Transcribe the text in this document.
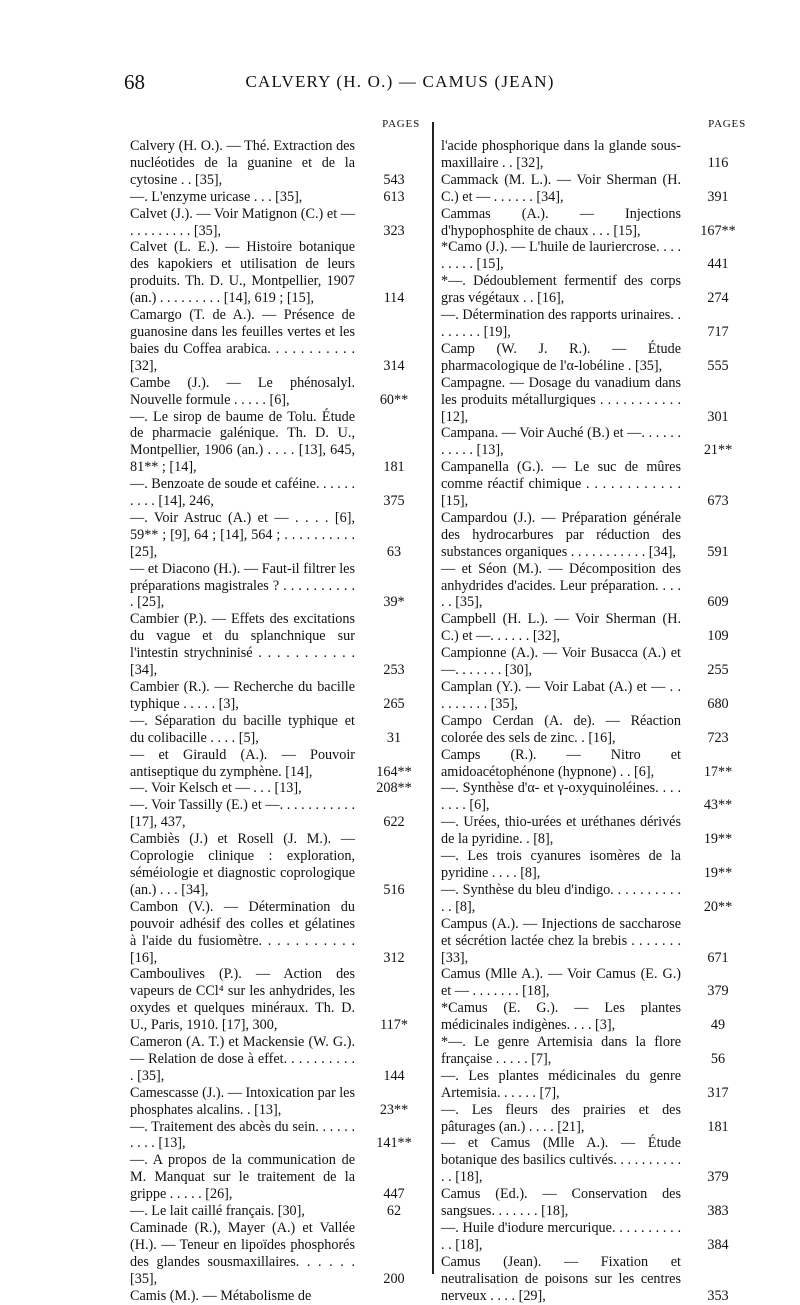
68	CALVERY (H. O.) — CAMUS (JEAN)
PAGES
Calvery (H. O.). — Thé. Extraction des nucléotides de la guanine et de la cytosine . . [35],	543
—. L'enzyme uricase . . . [35],	613
Calvet (J.). — Voir Matignon (C.) et — . . . . . . . . . [35],	323
Calvet (L. E.). — Histoire botanique des kapokiers et utilisation de leurs produits. Th. D. U., Montpellier, 1907 (an.) . . . . . . . . . [14], 619 ; [15],	114
Camargo (T. de A.). — Présence de guanosine dans les feuilles vertes et les baies du Coffea arabica. . . . . . . . . . . [32],	314
Cambe (J.). — Le phénosalyl. Nouvelle formule . . . . . [6],	60**
—. Le sirop de baume de Tolu. Étude de pharmacie galénique. Th. D. U., Montpellier, 1906 (an.) . . . . [13], 645, 81** ; [14],	181
—. Benzoate de soude et caféine. . . . . . . . . . [14], 246,	375
—. Voir Astruc (A.) et — . . . . [6], 59** ; [9], 64 ; [14], 564 ; . . . . . . . . . . [25],	63
— et Diacono (H.). — Faut-il filtrer les préparations magistrales ? . . . . . . . . . . . [25],	39*
Cambier (P.). — Effets des excitations du vague et du splanchnique sur l'intestin strychninisé . . . . . . . . . . . [34],	253
Cambier (R.). — Recherche du bacille typhique . . . . . [3],	265
—. Séparation du bacille typhique et du colibacille . . . . [5],	31
— et Girauld (A.). — Pouvoir antiseptique du zymphène. [14],	164**
—. Voir Kelsch et — . . . [13],	208**
—. Voir Tassilly (E.) et —. . . . . . . . . . . [17], 437,	622
Cambiès (J.) et Rosell (J. M.). — Coprologie clinique : exploration, séméiologie et diagnostic coprologique (an.) . . . [34],	516
Cambon (V.). — Détermination du pouvoir adhésif des colles et gélatines à l'aide du fusiomètre. . . . . . . . . . . [16],	312
Camboulives (P.). — Action des vapeurs de CCl⁴ sur les anhydrides, les oxydes et quelques minéraux. Th. D. U., Paris, 1910. [17], 300,	117*
Cameron (A. T.) et Mackensie (W. G.). — Relation de dose à effet. . . . . . . . . . . [35],	144
Camescasse (J.). — Intoxication par les phosphates alcalins. . [13],	23**
—. Traitement des abcès du sein. . . . . . . . . . [13],	141**
—. A propos de la communication de M. Manquat sur le traitement de la grippe . . . . . [26],	447
—. Le lait caillé français. [30],	62
Caminade (R.), Mayer (A.) et Vallée (H.). — Teneur en lipoïdes phosphorés des glandes sousmaxillaires. . . . . . [35],	200
Camis (M.). — Métabolisme de
PAGES
l'acide phosphorique dans la glande sous-maxillaire . . [32],	116
Cammack (M. L.). — Voir Sherman (H. C.) et — . . . . . . [34],	391
Cammas (A.). — Injections d'hypophosphite de chaux . . . [15],	167**
*Camo (J.). — L'huile de lauriercrose. . . . . . . . . [15],	441
*—. Dédoublement fermentif des corps gras végétaux . . [16],	274
—. Détermination des rapports urinaires. . . . . . . . [19],	717
Camp (W. J. R.). — Étude pharmacologique de l'α-lobéline . [35],	555
Campagne. — Dosage du vanadium dans les produits métallurgiques . . . . . . . . . . . [12],	301
Campana. — Voir Auché (B.) et —. . . . . . . . . . . [13],	21**
Campanella (G.). — Le suc de mûres comme réactif chimique . . . . . . . . . . . . [15],	673
Campardou (J.). — Préparation générale des hydrocarbures par réduction des substances organiques . . . . . . . . . . . [34],	591
— et Séon (M.). — Décomposition des anhydrides d'acides. Leur préparation. . . . . . [35],	609
Campbell (H. L.). — Voir Sherman (H. C.) et —. . . . . . [32],	109
Campionne (A.). — Voir Busacca (A.) et —. . . . . . . [30],	255
Camplan (Y.). — Voir Labat (A.) et — . . . . . . . . . [35],	680
Campo Cerdan (A. de). — Réaction colorée des sels de zinc. . [16],	723
Camps (R.). — Nitro et amidoacétophénone (hypnone) . . [6],	17**
—. Synthèse d'α- et γ-oxyquinoléines. . . . . . . . [6],	43**
—. Urées, thio-urées et uréthanes dérivés de la pyridine. . [8],	19**
—. Les trois cyanures isomères de la pyridine . . . . [8],	19**
—. Synthèse du bleu d'indigo. . . . . . . . . . . . [8],	20**
Campus (A.). — Injections de saccharose et sécrétion lactée chez la brebis . . . . . . . [33],	671
Camus (Mlle A.). — Voir Camus (E. G.) et — . . . . . . . [18],	379
*Camus (E. G.). — Les plantes médicinales indigènes. . . . [3],	49
*—. Le genre Artemisia dans la flore française . . . . . [7],	56
—. Les plantes médicinales du genre Artemisia. . . . . . [7],	317
—. Les fleurs des prairies et des pâturages (an.) . . . . [21],	181
— et Camus (Mlle A.). — Étude botanique des basilics cultivés. . . . . . . . . . . . [18],	379
Camus (Ed.). — Conservation des sangsues. . . . . . . [18],	383
—. Huile d'iodure mercurique. . . . . . . . . . . . [18],	384
Camus (Jean). — Fixation et neutralisation de poisons sur les centres nerveux . . . . [29],	353
